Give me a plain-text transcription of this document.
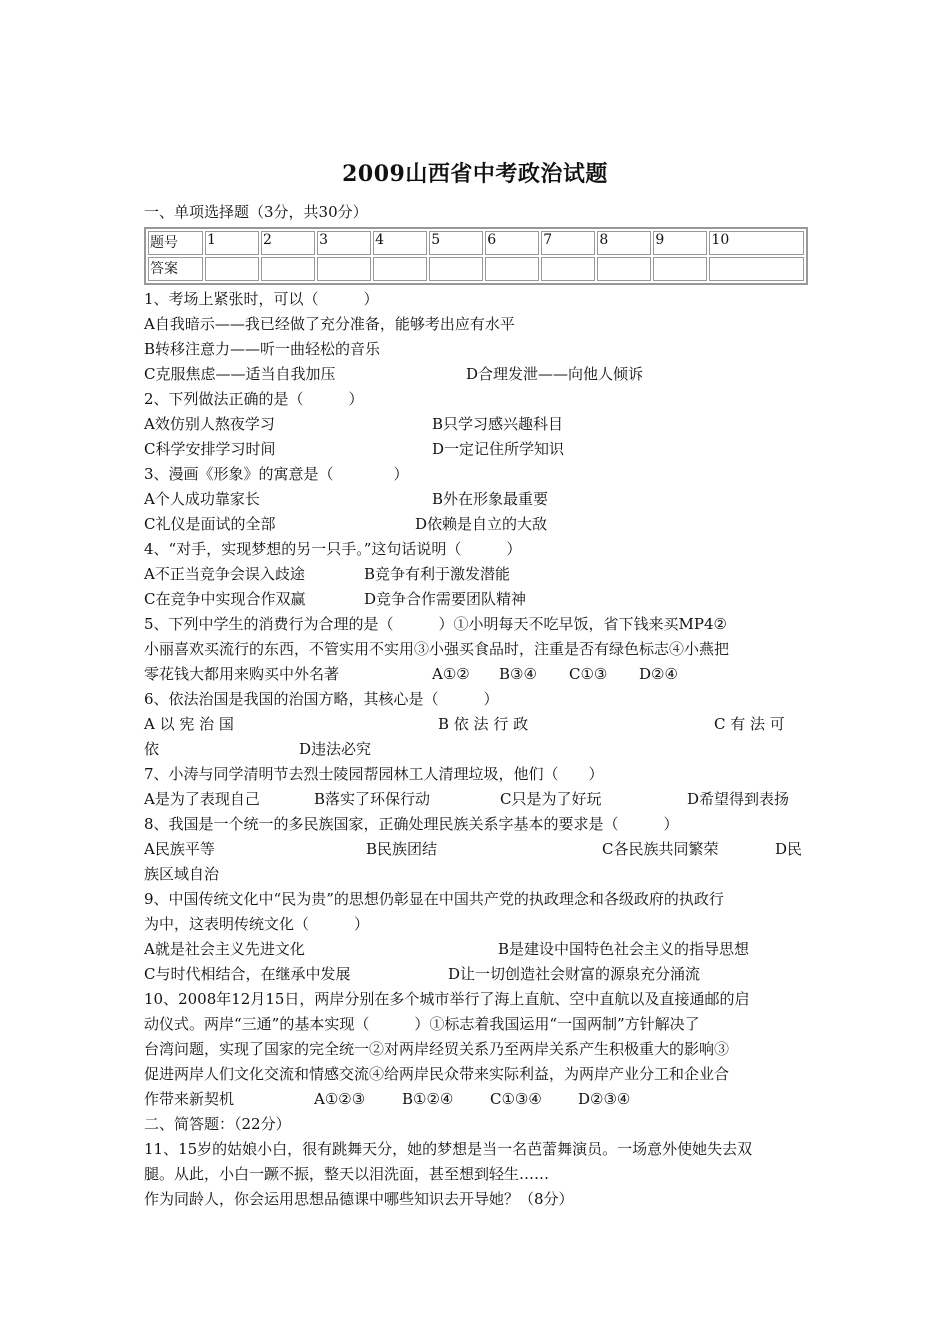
2009山西省中考政治试题
一、单项选择题（3分，共30分）
题号	1	2	3	4	5	6	7	8	9	10
答案										
1、考场上紧张时，可以（　　　）
A自我暗示——我已经做了充分准备，能够考出应有水平
B转移注意力——听一曲轻松的音乐
C克服焦虑——适当自我加压	D合理发泄——向他人倾诉
2、下列做法正确的是（　　　）
A效仿别人熬夜学习	B只学习感兴趣科目
C科学安排学习时间	D一定记住所学知识
3、漫画《形象》的寓意是（　　　　）
A个人成功靠家长	B外在形象最重要
C礼仪是面试的全部	D依赖是自立的大敌
4、“对手，实现梦想的另一只手。”这句话说明（　　　）
A不正当竞争会误入歧途	B竞争有利于激发潜能
C在竞争中实现合作双赢	D竞争合作需要团队精神
5、下列中学生的消费行为合理的是（　　　）①小明每天不吃早饭，省下钱来买MP4②
小丽喜欢买流行的东西，不管实用不实用③小强买食品时，注重是否有绿色标志④小燕把
零花钱大都用来购买中外名著	A①② B③④ C①③ D②④
6、依法治国是我国的治国方略，其核心是（　　　）
A 以 宪 治 国	B 依 法 行 政	C 有 法 可
依	D违法必究
7、小涛与同学清明节去烈士陵园帮园林工人清理垃圾，他们（　　）
A是为了表现自己	B落实了环保行动	C只是为了好玩	D希望得到表扬
8、我国是一个统一的多民族国家，正确处理民族关系字基本的要求是（　　　）
A民族平等	B民族团结	C各民族共同繁荣	D民
族区域自治
9、中国传统文化中“民为贵”的思想仍彰显在中国共产党的执政理念和各级政府的执政行
为中，这表明传统文化（　　　）
A就是社会主义先进文化	B是建设中国特色社会主义的指导思想
C与时代相结合，在继承中发展	D让一切创造社会财富的源泉充分涌流
10、2008年12月15日，两岸分别在多个城市举行了海上直航、空中直航以及直接通邮的启
动仪式。两岸“三通”的基本实现（　　　）①标志着我国运用“一国两制”方针解决了
台湾问题，实现了国家的完全统一②对两岸经贸关系乃至两岸关系产生积极重大的影响③
促进两岸人们文化交流和情感交流④给两岸民众带来实际利益，为两岸产业分工和企业合
作带来新契机	A①②③ B①②④ C①③④ D②③④
二、简答题：（22分）
11、15岁的姑娘小白，很有跳舞天分，她的梦想是当一名芭蕾舞演员。一场意外使她失去双
腿。从此，小白一蹶不振，整天以泪洗面，甚至想到轻生……
作为同龄人，你会运用思想品德课中哪些知识去开导她？（8分）
